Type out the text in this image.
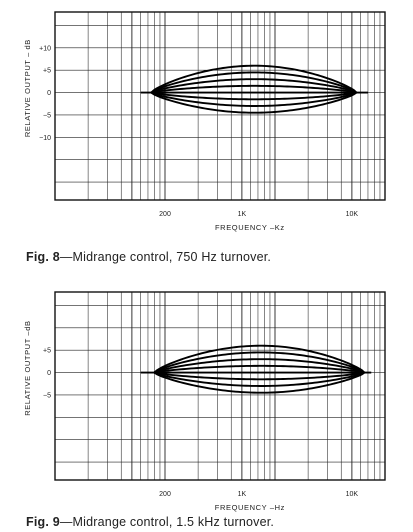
+10
+5
0
−5
−10
200	1K	10K
FREQUENCY –Kz
RELATIVE OUTPUT – dB
Fig. 8—Midrange control, 750 Hz turnover.
+5
0
−5
200	1K	10K
FREQUENCY –Hz
RELATIVE OUTPUT –dB
Fig. 9—Midrange control, 1.5 kHz turnover.
